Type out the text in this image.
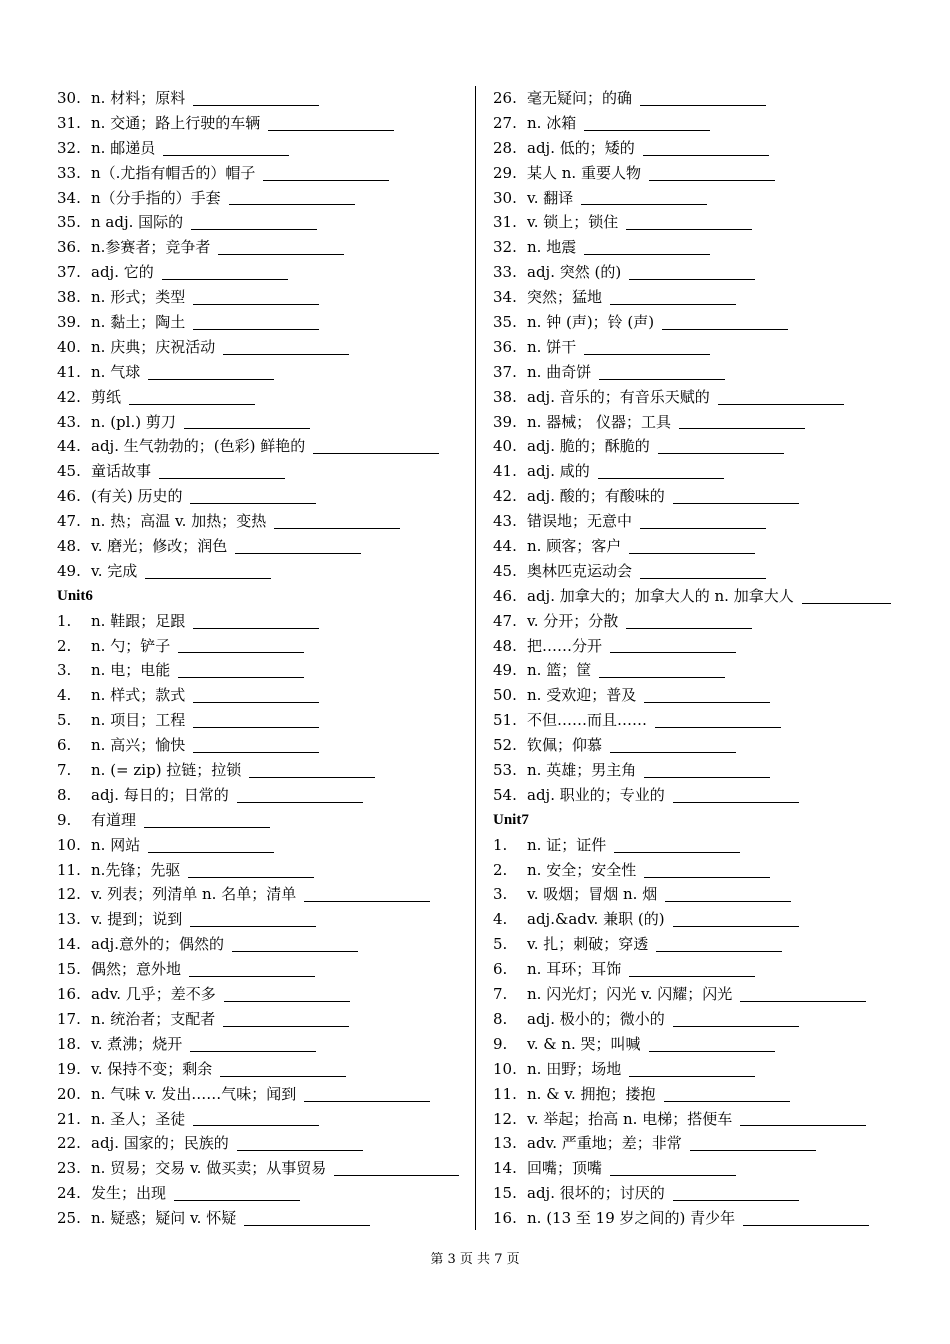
30. n. 材料；原料
31. n. 交通；路上行驶的车辆
32. n. 邮递员
33. n（.尤指有帽舌的）帽子
34. n（分手指的）手套
35. n adj. 国际的
36. n.参赛者；竞争者
37. adj. 它的
38. n. 形式；类型
39. n. 黏土；陶土
40. n. 庆典；庆祝活动
41. n. 气球
42. 剪纸
43. n. (pl.) 剪刀
44. adj. 生气勃勃的；(色彩) 鲜艳的
45. 童话故事
46. (有关) 历史的
47. n. 热；高温 v. 加热；变热
48. v. 磨光；修改；润色
49. v. 完成
Unit6
1.	n. 鞋跟；足跟
2.	n. 勺；铲子
3.	n. 电；电能
4.	n. 样式；款式
5.	n. 项目；工程
6.	n. 高兴；愉快
7.	n. (= zip) 拉链；拉锁
8.	adj. 每日的；日常的
9.	有道理
10. n. 网站
11. n.先锋；先驱
12. v. 列表；列清单 n. 名单；清单
13. v. 提到；说到
14. adj.意外的；偶然的
15. 偶然；意外地
16. adv. 几乎；差不多
17. n. 统治者；支配者
18. v. 煮沸；烧开
19. v. 保持不变；剩余
20. n. 气味 v. 发出……气味；闻到
21. n. 圣人；圣徒
22. adj. 国家的；民族的
23. n. 贸易；交易 v. 做买卖；从事贸易
24. 发生；出现
25. n. 疑惑；疑问 v. 怀疑
26. 毫无疑问；的确
27. n. 冰箱
28. adj. 低的；矮的
29. 某人 n. 重要人物
30. v. 翻译
31. v. 锁上；锁住
32. n. 地震
33. adj. 突然 (的)
34. 突然；猛地
35. n. 钟 (声)；铃 (声)
36. n. 饼干
37. n. 曲奇饼
38. adj. 音乐的；有音乐天赋的
39. n. 器械； 仪器；工具
40. adj. 脆的；酥脆的
41. adj. 咸的
42. adj. 酸的；有酸味的
43. 错误地；无意中
44. n. 顾客；客户
45. 奥林匹克运动会
46. adj. 加拿大的；加拿大人的 n. 加拿大人
47. v. 分开；分散
48. 把……分开
49. n. 篮；筐
50. n. 受欢迎；普及
51. 不但……而且……
52. 钦佩；仰慕
53. n. 英雄；男主角
54. adj. 职业的；专业的
Unit7
1.	n. 证；证件
2.	n. 安全；安全性
3.	v. 吸烟；冒烟 n. 烟
4.	adj.&adv. 兼职 (的)
5.	v. 扎；刺破；穿透
6.	n. 耳环；耳饰
7.	n. 闪光灯；闪光 v. 闪耀；闪光
8.	adj. 极小的；微小的
9.	v. & n. 哭；叫喊
10. n. 田野；场地
11. n. & v. 拥抱；搂抱
12. v. 举起；抬高 n. 电梯；搭便车
13. adv. 严重地；差；非常
14. 回嘴；顶嘴
15. adj. 很坏的；讨厌的
16. n. (13 至 19 岁之间的) 青少年
第 3 页 共 7 页
